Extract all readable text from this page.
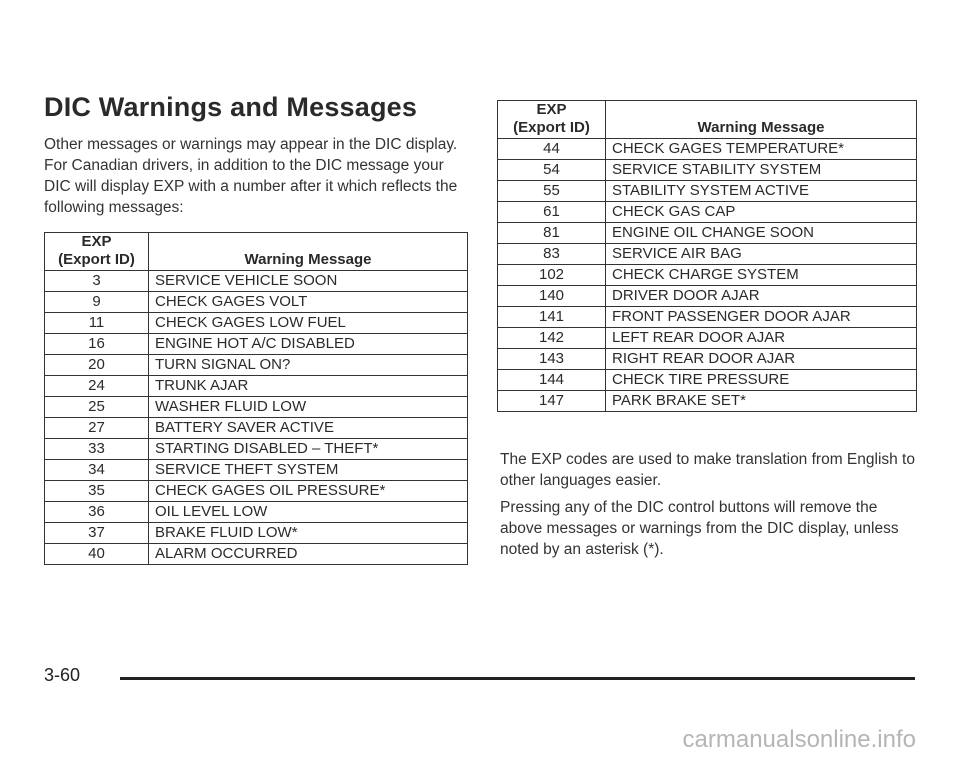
DIC Warnings and Messages

Other messages or warnings may appear in the DIC display. For Canadian drivers, in addition to the DIC message your DIC will display EXP with a number after it which reflects the following messages:

EXP
(Export ID)	Warning Message
3	SERVICE VEHICLE SOON
9	CHECK GAGES VOLT
11	CHECK GAGES LOW FUEL
16	ENGINE HOT A/C DISABLED
20	TURN SIGNAL ON?
24	TRUNK AJAR
25	WASHER FLUID LOW
27	BATTERY SAVER ACTIVE
33	STARTING DISABLED – THEFT*
34	SERVICE THEFT SYSTEM
35	CHECK GAGES OIL PRESSURE*
36	OIL LEVEL LOW
37	BRAKE FLUID LOW*
40	ALARM OCCURRED
EXP
(Export ID)	Warning Message
44	CHECK GAGES TEMPERATURE*
54	SERVICE STABILITY SYSTEM
55	STABILITY SYSTEM ACTIVE
61	CHECK GAS CAP
81	ENGINE OIL CHANGE SOON
83	SERVICE AIR BAG
102	CHECK CHARGE SYSTEM
140	DRIVER DOOR AJAR
141	FRONT PASSENGER DOOR AJAR
142	LEFT REAR DOOR AJAR
143	RIGHT REAR DOOR AJAR
144	CHECK TIRE PRESSURE
147	PARK BRAKE SET*

The EXP codes are used to make translation from English to other languages easier.

Pressing any of the DIC control buttons will remove the above messages or warnings from the DIC display, unless noted by an asterisk (*).

3-60
carmanualsonline.info
